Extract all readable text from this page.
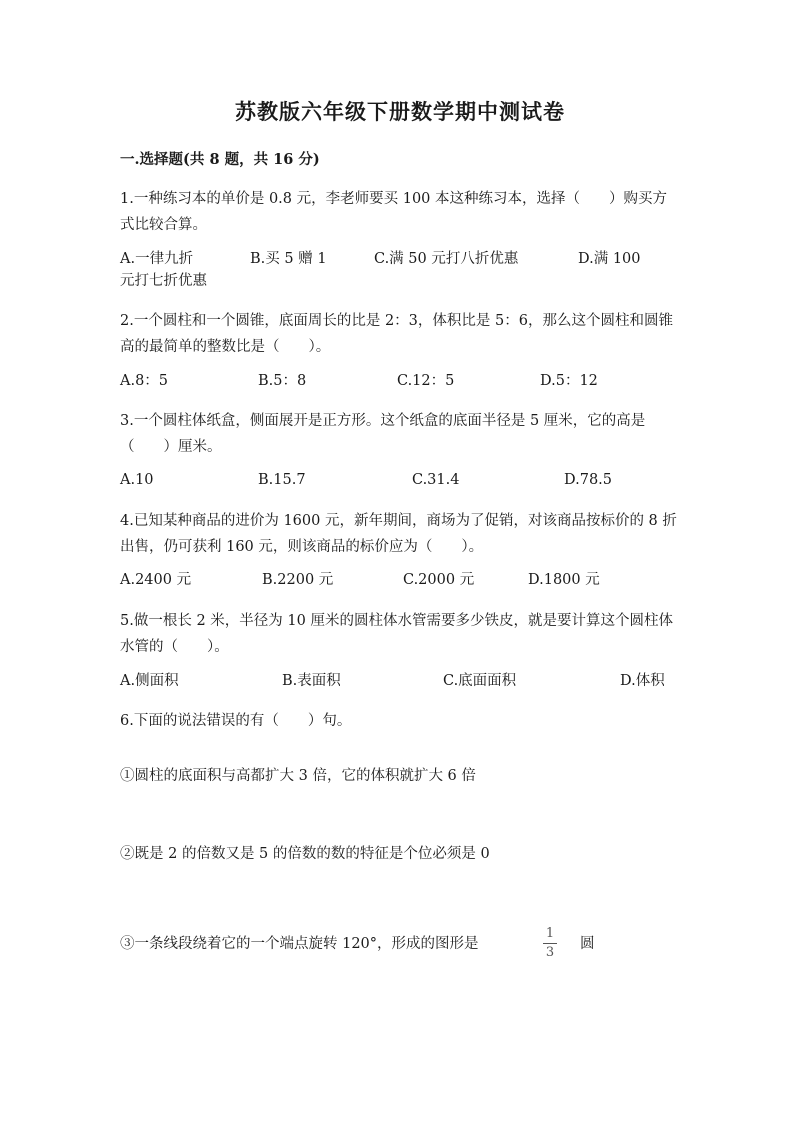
苏教版六年级下册数学期中测试卷
一.选择题(共 8 题，共 16 分)
1.一种练习本的单价是 0.8 元，李老师要买 100 本这种练习本，选择（　　）购买方式比较合算。
A.一律九折	B.买 5 赠 1	C.满 50 元打八折优惠	D.满 100
元打七折优惠
2.一个圆柱和一个圆锥，底面周长的比是 2：3，体积比是 5：6，那么这个圆柱和圆锥高的最简单的整数比是（　　）。
A.8：5	B.5：8	C.12：5	D.5：12
3.一个圆柱体纸盒，侧面展开是正方形。这个纸盒的底面半径是 5 厘米，它的高是（　　）厘米。
A.10	B.15.7	C.31.4	D.78.5
4.已知某种商品的进价为 1600 元，新年期间，商场为了促销，对该商品按标价的 8 折出售，仍可获利 160 元，则该商品的标价应为（　　）。
A.2400 元	B.2200 元	C.2000 元	D.1800 元
5.做一根长 2 米，半径为 10 厘米的圆柱体水管需要多少铁皮，就是要计算这个圆柱体水管的（　　）。
A.侧面积	B.表面积	C.底面面积	D.体积
6.下面的说法错误的有（　　）句。
①圆柱的底面积与高都扩大 3 倍，它的体积就扩大 6 倍
②既是 2 的倍数又是 5 的倍数的数的特征是个位必须是 0
③一条线段绕着它的一个端点旋转 120°，形成的图形是
1
3
圆
